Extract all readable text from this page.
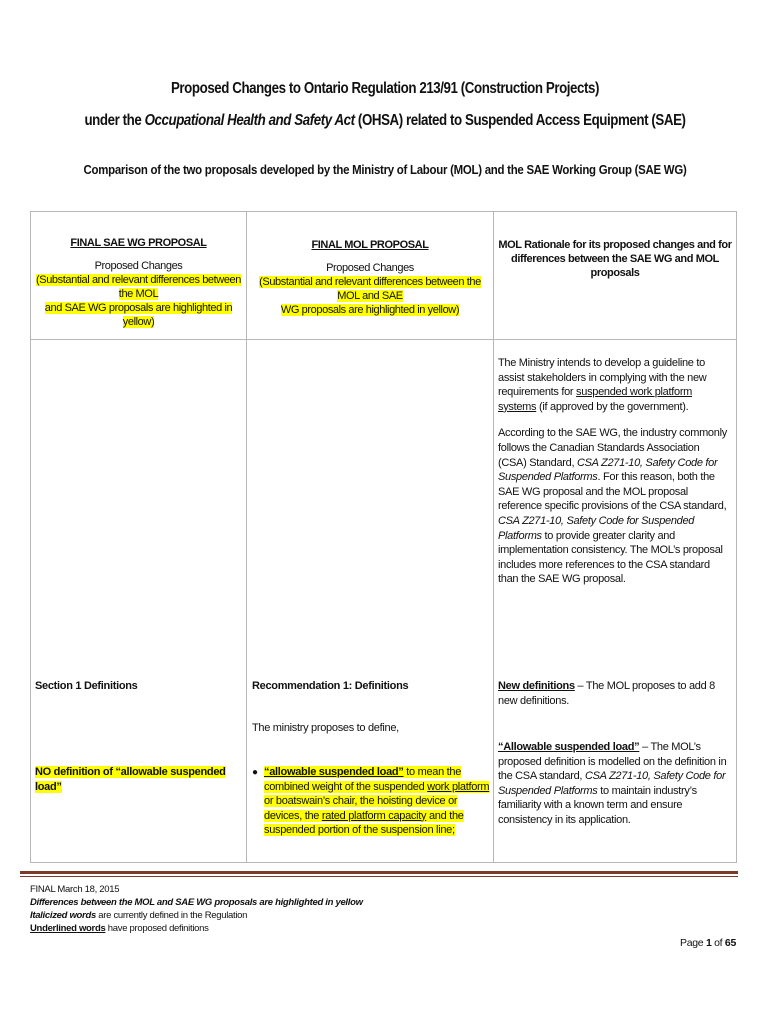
Proposed Changes to Ontario Regulation 213/91 (Construction Projects)
under the Occupational Health and Safety Act (OHSA) related to Suspended Access Equipment (SAE)
Comparison of the two proposals developed by the Ministry of Labour (MOL) and the SAE Working Group (SAE WG)
FINAL SAE WG PROPOSAL
Proposed Changes
(Substantial and relevant differences between the MOL
and SAE WG proposals are highlighted in yellow)
FINAL MOL PROPOSAL
Proposed Changes
(Substantial and relevant differences between the MOL and SAE
WG proposals are highlighted in yellow)
MOL Rationale for its proposed changes and for
differences between the SAE WG and MOL proposals

The Ministry intends to develop a guideline to assist stakeholders in complying with the new requirements for suspended work platform systems (if approved by the government).

According to the SAE WG, the industry commonly follows the Canadian Standards Association (CSA) Standard, CSA Z271-10, Safety Code for Suspended Platforms. For this reason, both the SAE WG proposal and the MOL proposal reference specific provisions of the CSA standard, CSA Z271-10, Safety Code for Suspended Platforms to provide greater clarity and implementation consistency. The MOL’s proposal includes more references to the CSA standard than the SAE WG proposal.

Section 1 Definitions
NO definition of “allowable suspended load”
Recommendation 1: Definitions
The ministry proposes to define,
● “allowable suspended load” to mean the combined weight of the suspended work platform or boatswain’s chair, the hoisting device or devices, the rated platform capacity and the suspended portion of the suspension line;
New definitions – The MOL proposes to add 8 new definitions.
“Allowable suspended load” – The MOL’s proposed definition is modelled on the definition in the CSA standard, CSA Z271-10, Safety Code for Suspended Platforms to maintain industry’s familiarity with a known term and ensure consistency in its application.
FINAL March 18, 2015
Differences between the MOL and SAE WG proposals are highlighted in yellow
Italicized words are currently defined in the Regulation
Underlined words have proposed definitions
Page 1 of 65
